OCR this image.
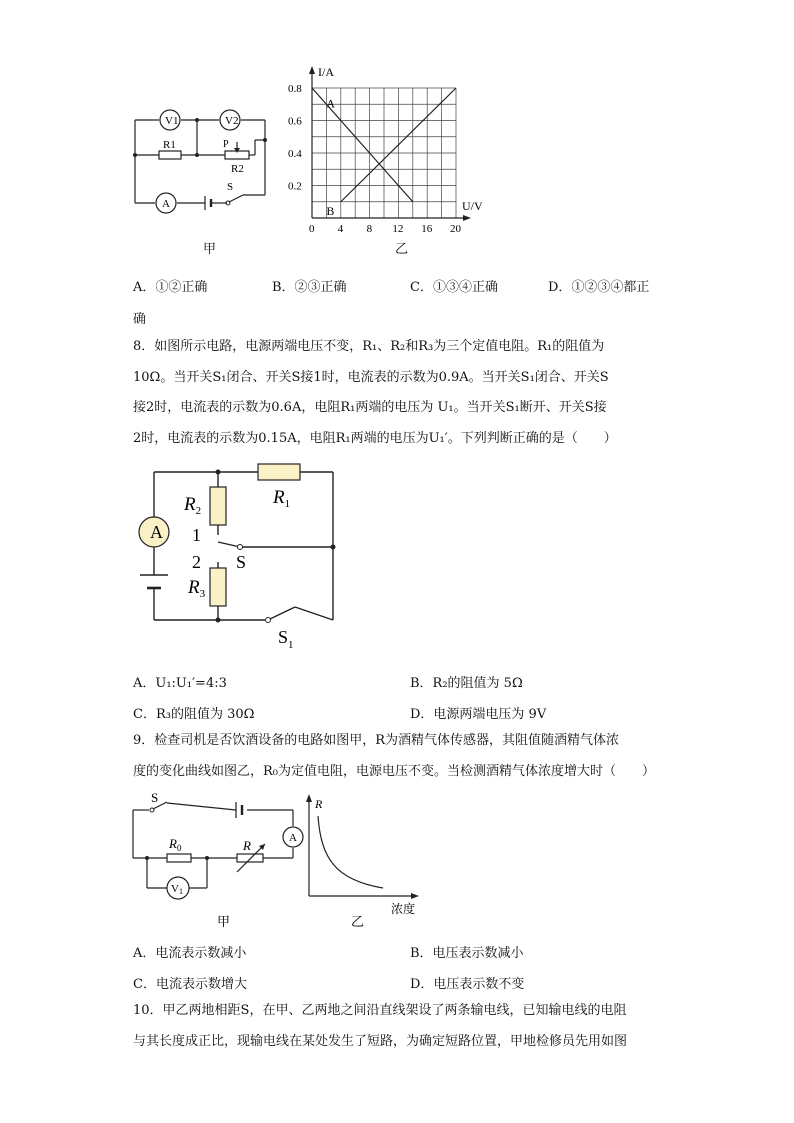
V1	V2
R1	P
R2
S
A
甲
I/A
U/V
0.8
0.6
0.4
0.2
0 4 8 12 16 20
A
B
乙
A．①②正确	B．②③正确	C．①③④正确	D．①②③④都正
确
8．如图所示电路，电源两端电压不变，R₁、R₂和R₃为三个定值电阻。R₁的阻值为
10Ω。当开关S₁闭合、开关S接1时，电流表的示数为0.9A。当开关S₁闭合、开关S
接2时，电流表的示数为0.6A，电阻R₁两端的电压为 U₁。当开关S₁断开、开关S接
2时，电流表的示数为0.15A，电阻R₁两端的电压为U₁′。下列判断正确的是（　　）
A
$R_1$
$R_2$
$R_3$
1
2 S
$S_1$
A．U₁:U₁′=4:3	B．R₂的阻值为 5Ω
C．R₃的阻值为 30Ω	D．电源两端电压为 9V
9．检查司机是否饮酒设备的电路如图甲，R为酒精气体传感器，其阻值随酒精气体浓
度的变化曲线如图乙，R₀为定值电阻，电源电压不变。当检测酒精气体浓度增大时（　　）
S
$R_0$	R	A
V1
甲
R
浓度
乙
A．电流表示数减小	B．电压表示数减小
C．电流表示数增大	D．电压表示数不变
10．甲乙两地相距S，在甲、乙两地之间沿直线架设了两条输电线，已知输电线的电阻
与其长度成正比，现输电线在某处发生了短路，为确定短路位置，甲地检修员先用如图
